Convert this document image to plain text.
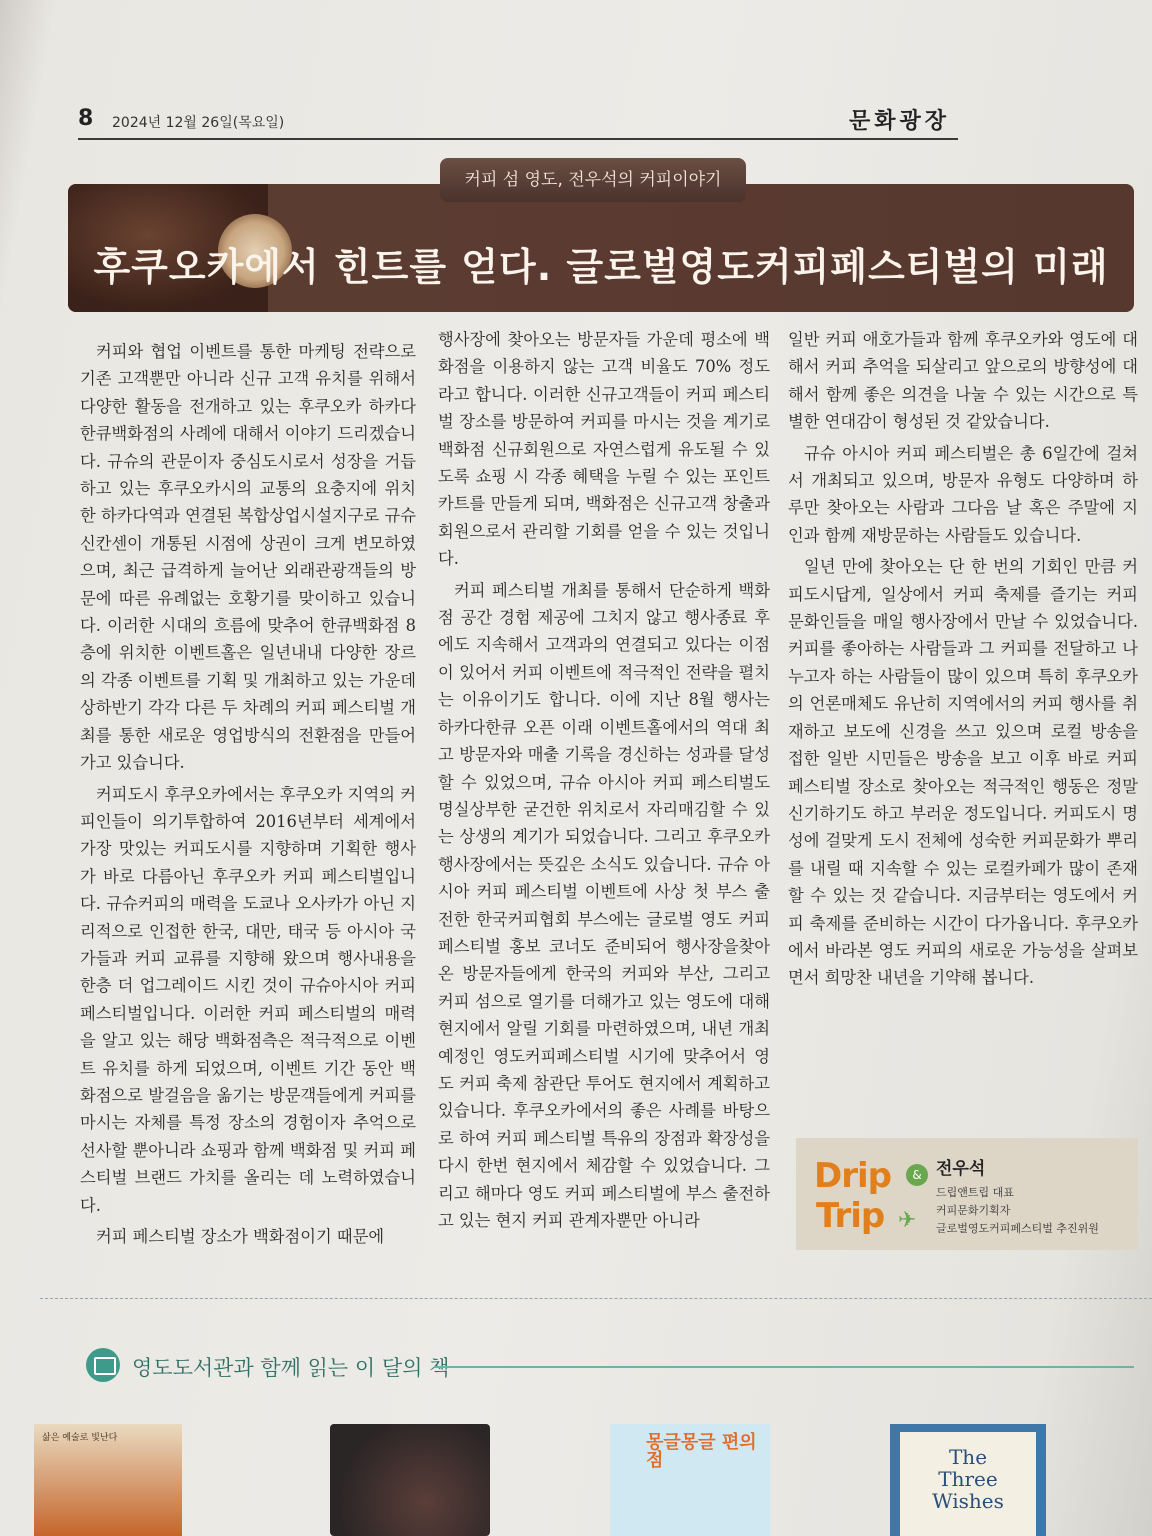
8 2024년 12월 26일(목요일)	문화광장
후쿠오카에서 힌트를 얻다. 글로벌영도커피페스티벌의 미래
커피 섬 영도, 전우석의 커피이야기

커피와 협업 이벤트를 통한 마케팅 전략으로 기존 고객뿐만 아니라 신규 고객 유치를 위해서 다양한 활동을 전개하고 있는 후쿠오카 하카다한큐백화점의 사례에 대해서 이야기 드리겠습니다. 규슈의 관문이자 중심도시로서 성장을 거듭하고 있는 후쿠오카시의 교통의 요충지에 위치한 하카다역과 연결된 복합상업시설지구로 규슈신칸센이 개통된 시점에 상권이 크게 변모하였으며, 최근 급격하게 늘어난 외래관광객들의 방문에 따른 유례없는 호황기를 맞이하고 있습니다. 이러한 시대의 흐름에 맞추어 한큐백화점 8층에 위치한 이벤트홀은 일년내내 다양한 장르의 각종 이벤트를 기획 및 개최하고 있는 가운데 상하반기 각각 다른 두 차례의 커피 페스티벌 개최를 통한 새로운 영업방식의 전환점을 만들어 가고 있습니다.

커피도시 후쿠오카에서는 후쿠오카 지역의 커피인들이 의기투합하여 2016년부터 세계에서 가장 맛있는 커피도시를 지향하며 기획한 행사가 바로 다름아닌 후쿠오카 커피 페스티벌입니다. 규슈커피의 매력을 도쿄나 오사카가 아닌 지리적으로 인접한 한국, 대만, 태국 등 아시아 국가들과 커피 교류를 지향해 왔으며 행사내용을 한층 더 업그레이드 시킨 것이 규슈아시아 커피 페스티벌입니다. 이러한 커피 페스티벌의 매력을 알고 있는 해당 백화점측은 적극적으로 이벤트 유치를 하게 되었으며, 이벤트 기간 동안 백화점으로 발걸음을 옮기는 방문객들에게 커피를 마시는 자체를 특정 장소의 경험이자 추억으로 선사할 뿐아니라 쇼핑과 함께 백화점 및 커피 페스티벌 브랜드 가치를 올리는 데 노력하였습니다.

커피 페스티벌 장소가 백화점이기 때문에

행사장에 찾아오는 방문자들 가운데 평소에 백화점을 이용하지 않는 고객 비율도 70% 정도라고 합니다. 이러한 신규고객들이 커피 페스티벌 장소를 방문하여 커피를 마시는 것을 계기로 백화점 신규회원으로 자연스럽게 유도될 수 있도록 쇼핑 시 각종 혜택을 누릴 수 있는 포인트카트를 만들게 되며, 백화점은 신규고객 창출과 회원으로서 관리할 기회를 얻을 수 있는 것입니다.

커피 페스티벌 개최를 통해서 단순하게 백화점 공간 경험 제공에 그치지 않고 행사종료 후에도 지속해서 고객과의 연결되고 있다는 이점이 있어서 커피 이벤트에 적극적인 전략을 펼치는 이유이기도 합니다. 이에 지난 8월 행사는 하카다한큐 오픈 이래 이벤트홀에서의 역대 최고 방문자와 매출 기록을 경신하는 성과를 달성할 수 있었으며, 규슈 아시아 커피 페스티벌도 명실상부한 굳건한 위치로서 자리매김할 수 있는 상생의 계기가 되었습니다. 그리고 후쿠오카 행사장에서는 뜻깊은 소식도 있습니다. 규슈 아시아 커피 페스티벌 이벤트에 사상 첫 부스 출전한 한국커피협회 부스에는 글로벌 영도 커피 페스티벌 홍보 코너도 준비되어 행사장을찾아온 방문자들에게 한국의 커피와 부산, 그리고 커피 섬으로 열기를 더해가고 있는 영도에 대해 현지에서 알릴 기회를 마련하였으며, 내년 개최 예정인 영도커피페스티벌 시기에 맞추어서 영도 커피 축제 참관단 투어도 현지에서 계획하고 있습니다. 후쿠오카에서의 좋은 사례를 바탕으로 하여 커피 페스티벌 특유의 장점과 확장성을 다시 한번 현지에서 체감할 수 있었습니다. 그리고 해마다 영도 커피 페스티벌에 부스 출전하고 있는 현지 커피 관계자뿐만 아니라

일반 커피 애호가들과 함께 후쿠오카와 영도에 대해서 커피 추억을 되살리고 앞으로의 방향성에 대해서 함께 좋은 의견을 나눌 수 있는 시간으로 특별한 연대감이 형성된 것 같았습니다.

규슈 아시아 커피 페스티벌은 총 6일간에 걸쳐서 개최되고 있으며, 방문자 유형도 다양하며 하루만 찾아오는 사람과 그다음 날 혹은 주말에 지인과 함께 재방문하는 사람들도 있습니다.

일년 만에 찾아오는 단 한 번의 기회인 만큼 커피도시답게, 일상에서 커피 축제를 즐기는 커피 문화인들을 매일 행사장에서 만날 수 있었습니다. 커피를 좋아하는 사람들과 그 커피를 전달하고 나누고자 하는 사람들이 많이 있으며 특히 후쿠오카의 언론매체도 유난히 지역에서의 커피 행사를 취재하고 보도에 신경을 쓰고 있으며 로컬 방송을 접한 일반 시민들은 방송을 보고 이후 바로 커피 페스티벌 장소로 찾아오는 적극적인 행동은 정말 신기하기도 하고 부러운 정도입니다. 커피도시 명성에 걸맞게 도시 전체에 성숙한 커피문화가 뿌리를 내릴 때 지속할 수 있는 로컬카페가 많이 존재할 수 있는 것 같습니다. 지금부터는 영도에서 커피 축제를 준비하는 시간이 다가옵니다. 후쿠오카에서 바라본 영도 커피의 새로운 가능성을 살펴보면서 희망찬 내년을 기약해 봅니다.

Drip	&
Trip ✈
전우석
드립앤트립 대표
커피문화기획자
글로벌영도커피페스티벌 추진위원
영도도서관과 함께 읽는 이 달의 책
삶은 예술로 빛난다	몽글몽글 편의점	The Three Wishes
